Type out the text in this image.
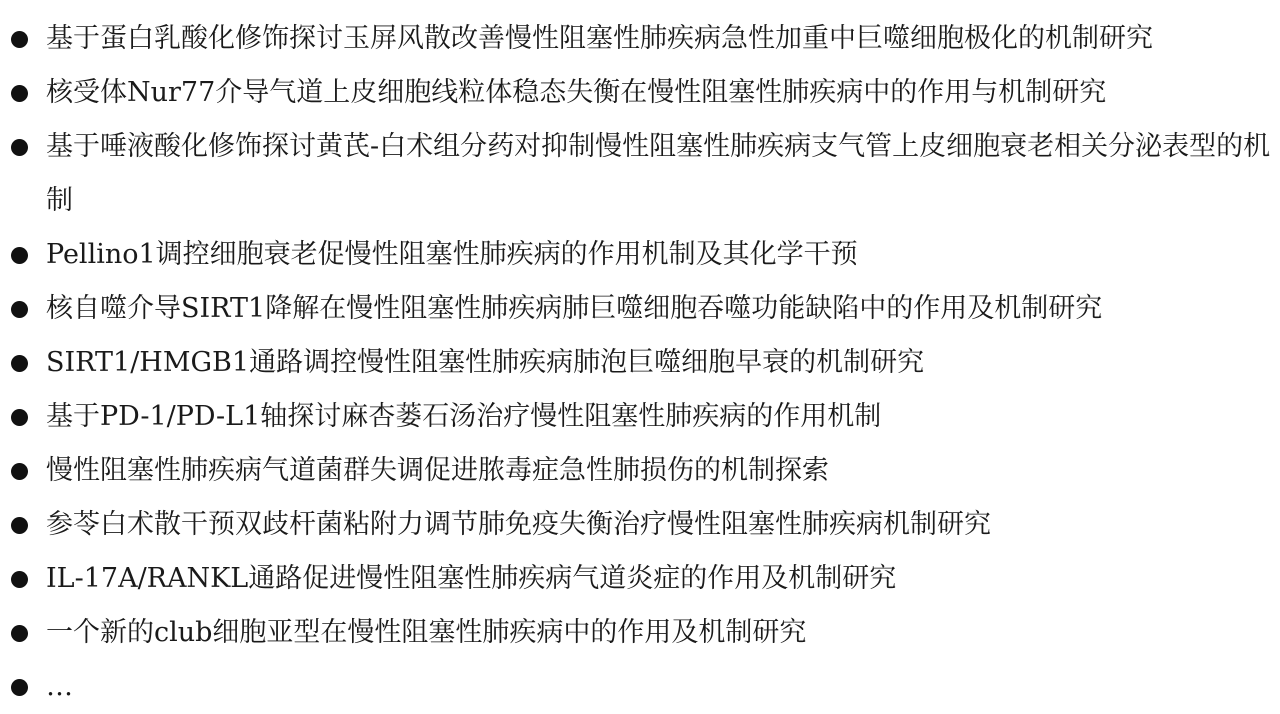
基于蛋白乳酸化修饰探讨玉屏风散改善慢性阻塞性肺疾病急性加重中巨噬细胞极化的机制研究
核受体Nur77介导气道上皮细胞线粒体稳态失衡在慢性阻塞性肺疾病中的作用与机制研究
基于唾液酸化修饰探讨黄芪-白术组分药对抑制慢性阻塞性肺疾病支气管上皮细胞衰老相关分泌表型的机制
Pellino1调控细胞衰老促慢性阻塞性肺疾病的作用机制及其化学干预
核自噬介导SIRT1降解在慢性阻塞性肺疾病肺巨噬细胞吞噬功能缺陷中的作用及机制研究
SIRT1/HMGB1通路调控慢性阻塞性肺疾病肺泡巨噬细胞早衰的机制研究
基于PD-1/PD-L1轴探讨麻杏蒌石汤治疗慢性阻塞性肺疾病的作用机制
慢性阻塞性肺疾病气道菌群失调促进脓毒症急性肺损伤的机制探索
参苓白术散干预双歧杆菌粘附力调节肺免疫失衡治疗慢性阻塞性肺疾病机制研究
IL-17A/RANKL通路促进慢性阻塞性肺疾病气道炎症的作用及机制研究
一个新的club细胞亚型在慢性阻塞性肺疾病中的作用及机制研究
…
